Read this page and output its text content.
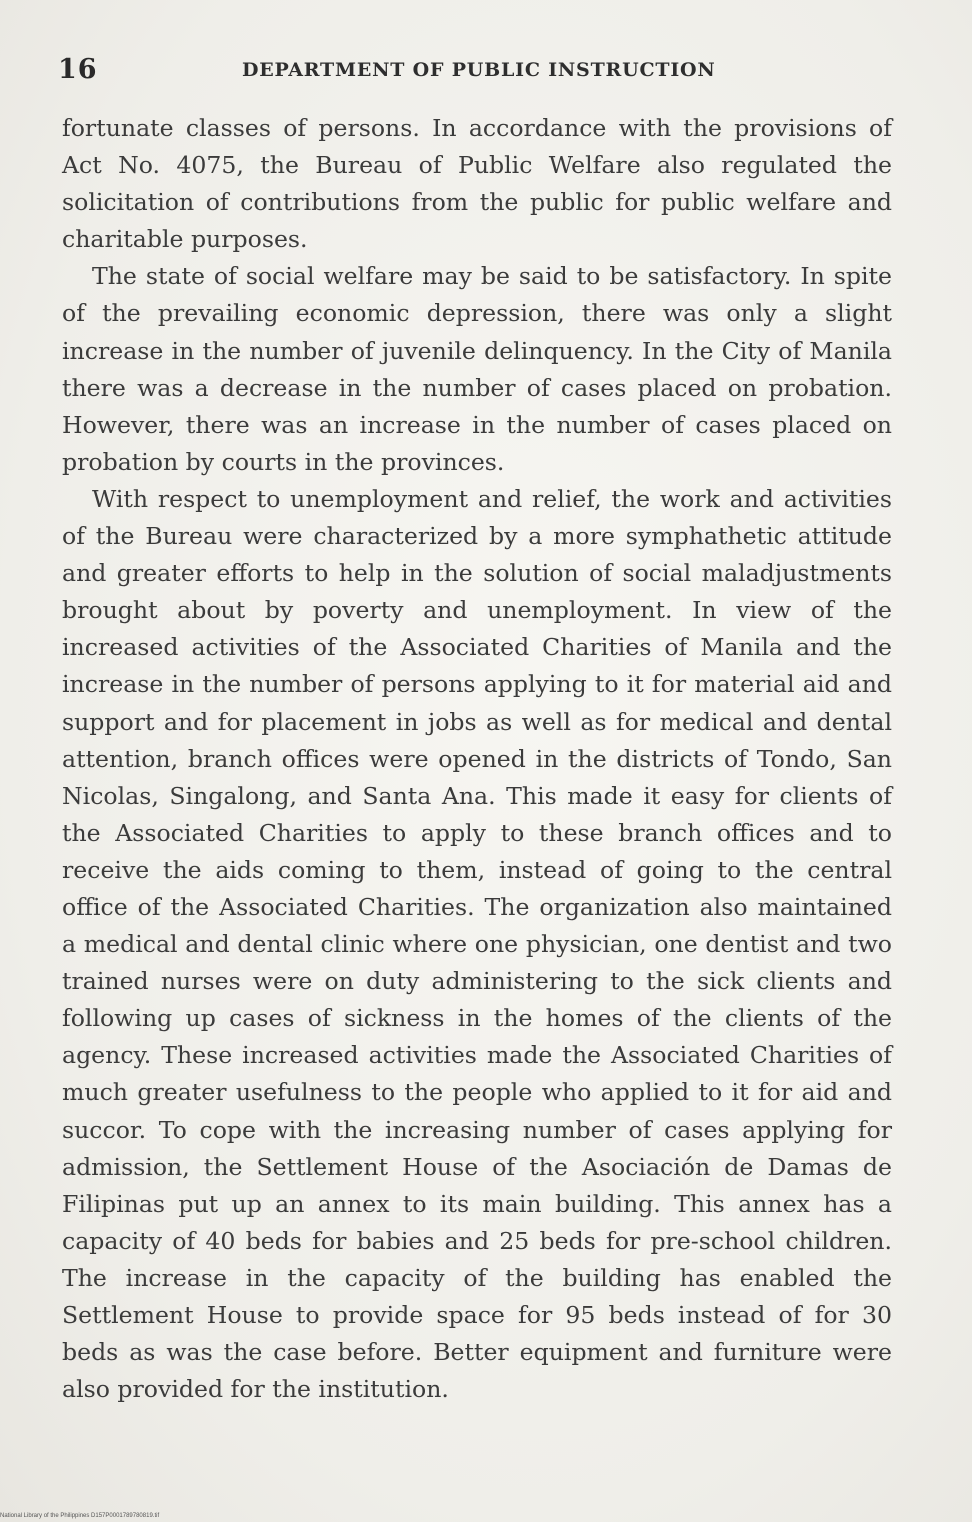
16	DEPARTMENT OF PUBLIC INSTRUCTION

fortunate classes of persons. In accordance with the provisions of Act No. 4075, the Bureau of Public Welfare also regulated the solicitation of contributions from the public for public welfare and charitable purposes.

The state of social welfare may be said to be satisfactory. In spite of the prevailing economic depression, there was only a slight increase in the number of juvenile delinquency. In the City of Manila there was a decrease in the number of cases placed on probation. However, there was an increase in the number of cases placed on probation by courts in the provinces.

With respect to unemployment and relief, the work and activities of the Bureau were characterized by a more symphathetic attitude and greater efforts to help in the solution of social maladjustments brought about by poverty and unemployment. In view of the increased activities of the Associated Charities of Manila and the increase in the number of persons applying to it for material aid and support and for placement in jobs as well as for medical and dental attention, branch offices were opened in the districts of Tondo, San Nicolas, Singalong, and Santa Ana. This made it easy for clients of the Associated Charities to apply to these branch offices and to receive the aids coming to them, instead of going to the central office of the Associated Charities. The organization also maintained a medical and dental clinic where one physician, one dentist and two trained nurses were on duty administering to the sick clients and following up cases of sickness in the homes of the clients of the agency. These increased activities made the Associated Charities of much greater usefulness to the people who applied to it for aid and succor. To cope with the increasing number of cases applying for admission, the Settlement House of the Asociación de Damas de Filipinas put up an annex to its main building. This annex has a capacity of 40 beds for babies and 25 beds for pre-school children. The increase in the capacity of the building has enabled the Settlement House to provide space for 95 beds instead of for 30 beds as was the case before. Better equipment and furniture were also provided for the institution.

National Library of the Philippines D157P0001789780819.tif
